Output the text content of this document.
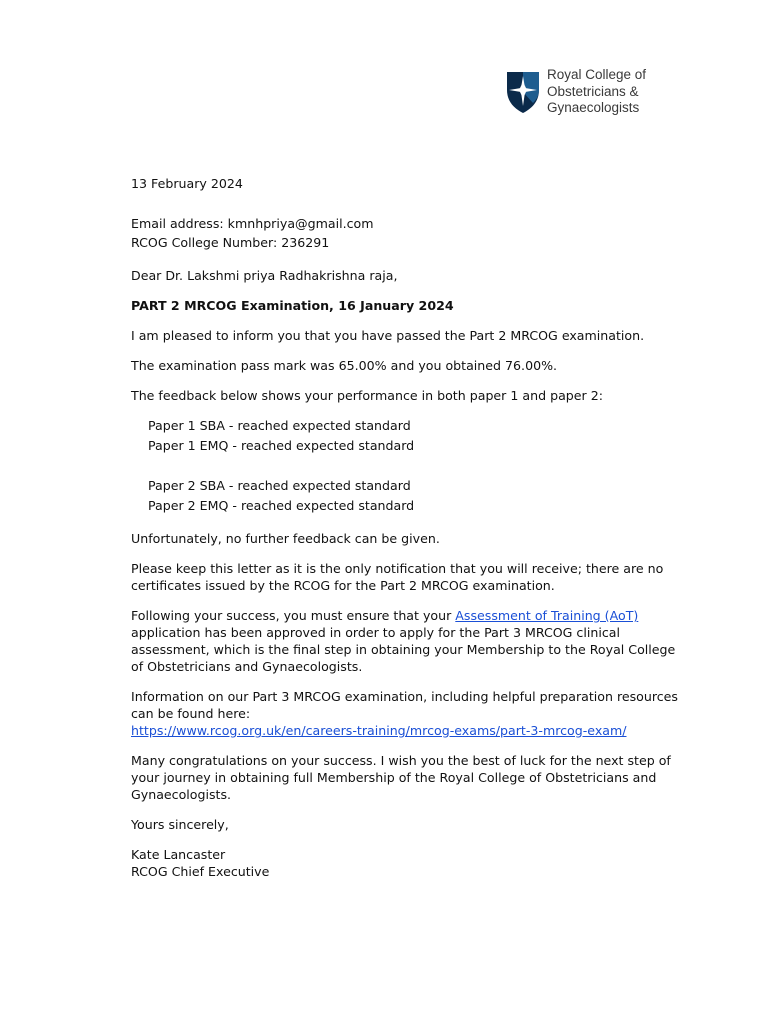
Royal College of
Obstetricians &
Gynaecologists
13 February 2024
Email address: kmnhpriya@gmail.com
RCOG College Number: 236291
Dear Dr. Lakshmi priya Radhakrishna raja,
PART 2 MRCOG Examination, 16 January 2024
I am pleased to inform you that you have passed the Part 2 MRCOG examination.
The examination pass mark was 65.00% and you obtained 76.00%.
The feedback below shows your performance in both paper 1 and paper 2:
Paper 1 SBA - reached expected standard
Paper 1 EMQ - reached expected standard
Paper 2 SBA - reached expected standard
Paper 2 EMQ - reached expected standard
Unfortunately, no further feedback can be given.
Please keep this letter as it is the only notification that you will receive; there are no
certificates issued by the RCOG for the Part 2 MRCOG examination.
Following your success, you must ensure that your Assessment of Training (AoT)
application has been approved in order to apply for the Part 3 MRCOG clinical
assessment, which is the final step in obtaining your Membership to the Royal College
of Obstetricians and Gynaecologists.
Information on our Part 3 MRCOG examination, including helpful preparation resources
can be found here:
https://www.rcog.org.uk/en/careers-training/mrcog-exams/part-3-mrcog-exam/
Many congratulations on your success. I wish you the best of luck for the next step of
your journey in obtaining full Membership of the Royal College of Obstetricians and
Gynaecologists.
Yours sincerely,
Kate Lancaster
RCOG Chief Executive
